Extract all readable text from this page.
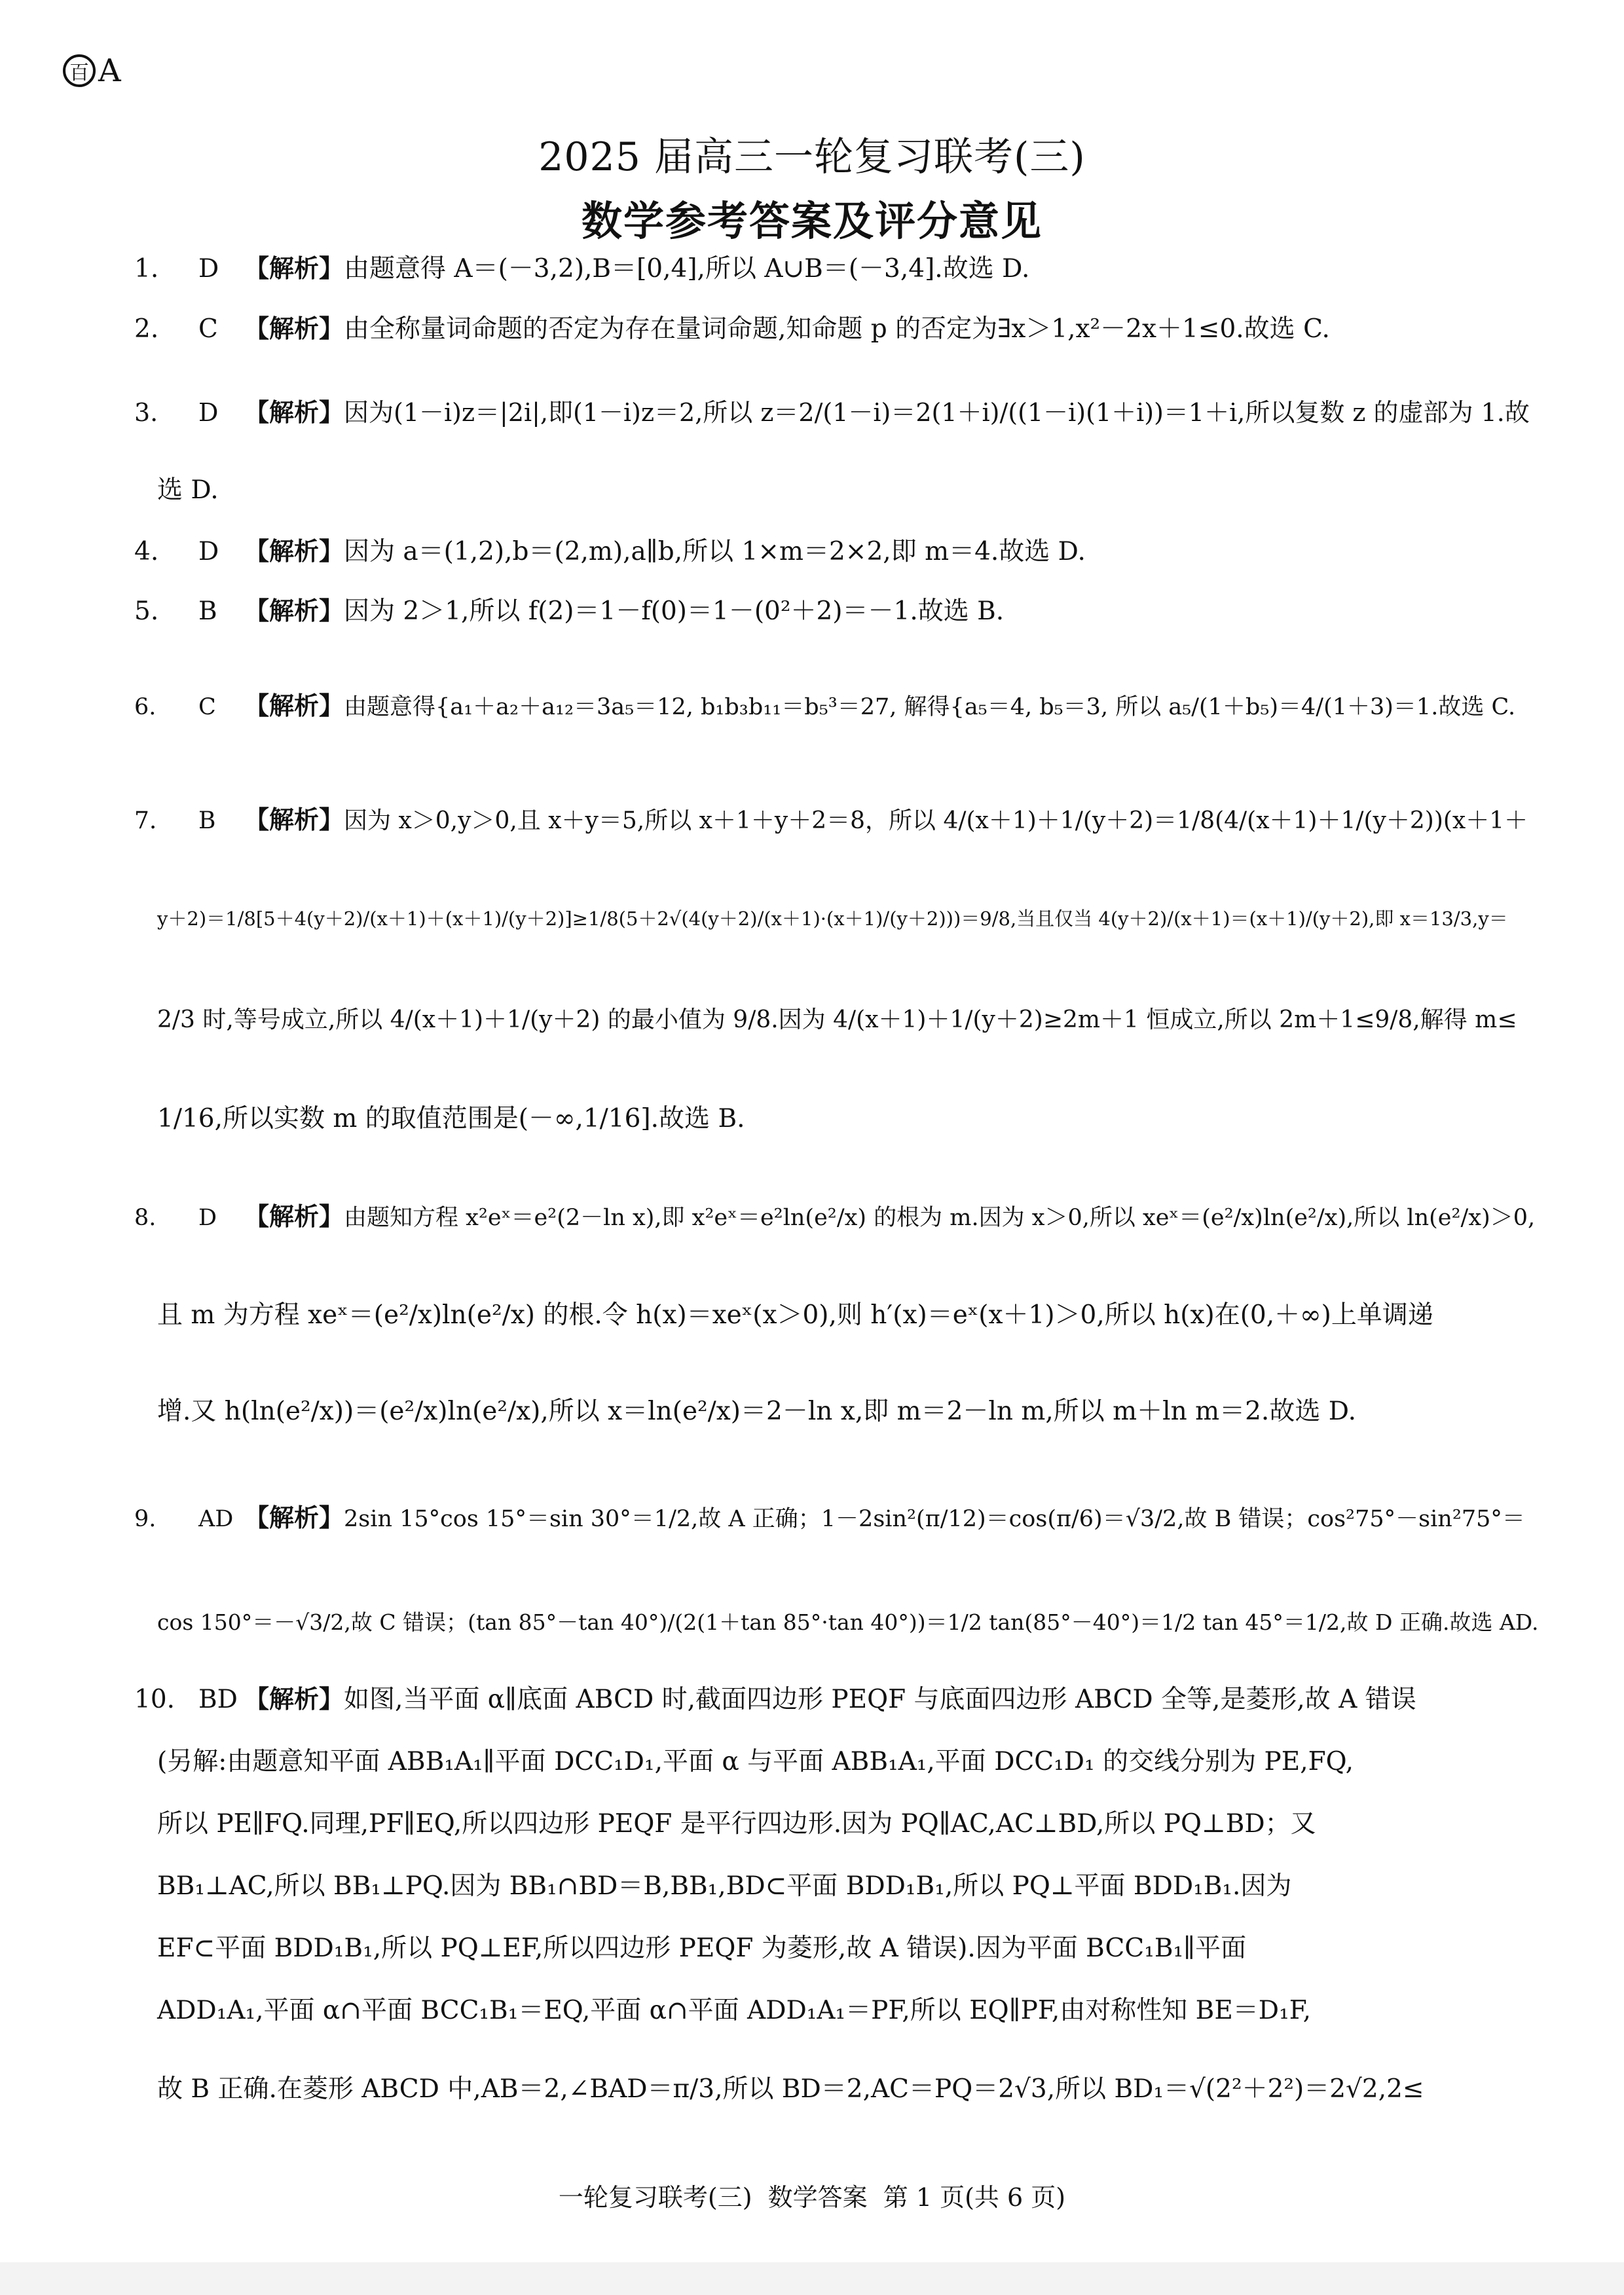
百 A
2025 届高三一轮复习联考(三)
数学参考答案及评分意见
1. D 【解析】由题意得 A＝(－3,2),B＝[0,4],所以 A∪B＝(－3,4].故选 D.
2. C 【解析】由全称量词命题的否定为存在量词命题,知命题 p 的否定为∃x＞1,x²－2x＋1≤0.故选 C.
3. D 【解析】因为(1－i)z＝|2i|,即(1－i)z＝2,所以 z＝2/(1－i)＝2(1＋i)/((1－i)(1＋i))＝1＋i,所以复数 z 的虚部为 1.故
选 D.
4. D 【解析】因为 a＝(1,2),b＝(2,m),a∥b,所以 1×m＝2×2,即 m＝4.故选 D.
5. B 【解析】因为 2＞1,所以 f(2)＝1－f(0)＝1－(0²＋2)＝－1.故选 B.
6. C 【解析】由题意得{a₁＋a₂＋a₁₂＝3a₅＝12, b₁b₃b₁₁＝b₅³＝27, 解得{a₅＝4, b₅＝3, 所以 a₅/(1＋b₅)＝4/(1＋3)＝1.故选 C.
7. B 【解析】因为 x＞0,y＞0,且 x＋y＝5,所以 x＋1＋y＋2＝8，所以 4/(x＋1)＋1/(y＋2)＝1/8(4/(x＋1)＋1/(y＋2))(x＋1＋
y＋2)＝1/8[5＋4(y＋2)/(x＋1)＋(x＋1)/(y＋2)]≥1/8(5＋2√(4(y＋2)/(x＋1)·(x＋1)/(y＋2)))＝9/8,当且仅当 4(y＋2)/(x＋1)＝(x＋1)/(y＋2),即 x＝13/3,y＝
2/3 时,等号成立,所以 4/(x＋1)＋1/(y＋2) 的最小值为 9/8.因为 4/(x＋1)＋1/(y＋2)≥2m＋1 恒成立,所以 2m＋1≤9/8,解得 m≤
1/16,所以实数 m 的取值范围是(－∞,1/16].故选 B.
8. D 【解析】由题知方程 x²eˣ＝e²(2－ln x),即 x²eˣ＝e²ln(e²/x) 的根为 m.因为 x＞0,所以 xeˣ＝(e²/x)ln(e²/x),所以 ln(e²/x)＞0,
且 m 为方程 xeˣ＝(e²/x)ln(e²/x) 的根.令 h(x)＝xeˣ(x＞0),则 h′(x)＝eˣ(x＋1)＞0,所以 h(x)在(0,＋∞)上单调递
增.又 h(ln(e²/x))＝(e²/x)ln(e²/x),所以 x＝ln(e²/x)＝2－ln x,即 m＝2－ln m,所以 m＋ln m＝2.故选 D.
9. AD 【解析】2sin 15°cos 15°＝sin 30°＝1/2,故 A 正确；1－2sin²(π/12)＝cos(π/6)＝√3/2,故 B 错误；cos²75°－sin²75°＝
cos 150°＝－√3/2,故 C 错误；(tan 85°－tan 40°)/(2(1＋tan 85°·tan 40°))＝1/2 tan(85°－40°)＝1/2 tan 45°＝1/2,故 D 正确.故选 AD.
10. BD 【解析】如图,当平面 α∥底面 ABCD 时,截面四边形 PEQF 与底面四边形 ABCD 全等,是菱形,故 A 错误
(另解:由题意知平面 ABB₁A₁∥平面 DCC₁D₁,平面 α 与平面 ABB₁A₁,平面 DCC₁D₁ 的交线分别为 PE,FQ,
所以 PE∥FQ.同理,PF∥EQ,所以四边形 PEQF 是平行四边形.因为 PQ∥AC,AC⊥BD,所以 PQ⊥BD；又
BB₁⊥AC,所以 BB₁⊥PQ.因为 BB₁∩BD＝B,BB₁,BD⊂平面 BDD₁B₁,所以 PQ⊥平面 BDD₁B₁.因为
EF⊂平面 BDD₁B₁,所以 PQ⊥EF,所以四边形 PEQF 为菱形,故 A 错误).因为平面 BCC₁B₁∥平面
ADD₁A₁,平面 α∩平面 BCC₁B₁＝EQ,平面 α∩平面 ADD₁A₁＝PF,所以 EQ∥PF,由对称性知 BE＝D₁F,
故 B 正确.在菱形 ABCD 中,AB＝2,∠BAD＝π/3,所以 BD＝2,AC＝PQ＝2√3,所以 BD₁＝√(2²＋2²)＝2√2,2≤
一轮复习联考(三) 数学答案 第 1 页(共 6 页)
